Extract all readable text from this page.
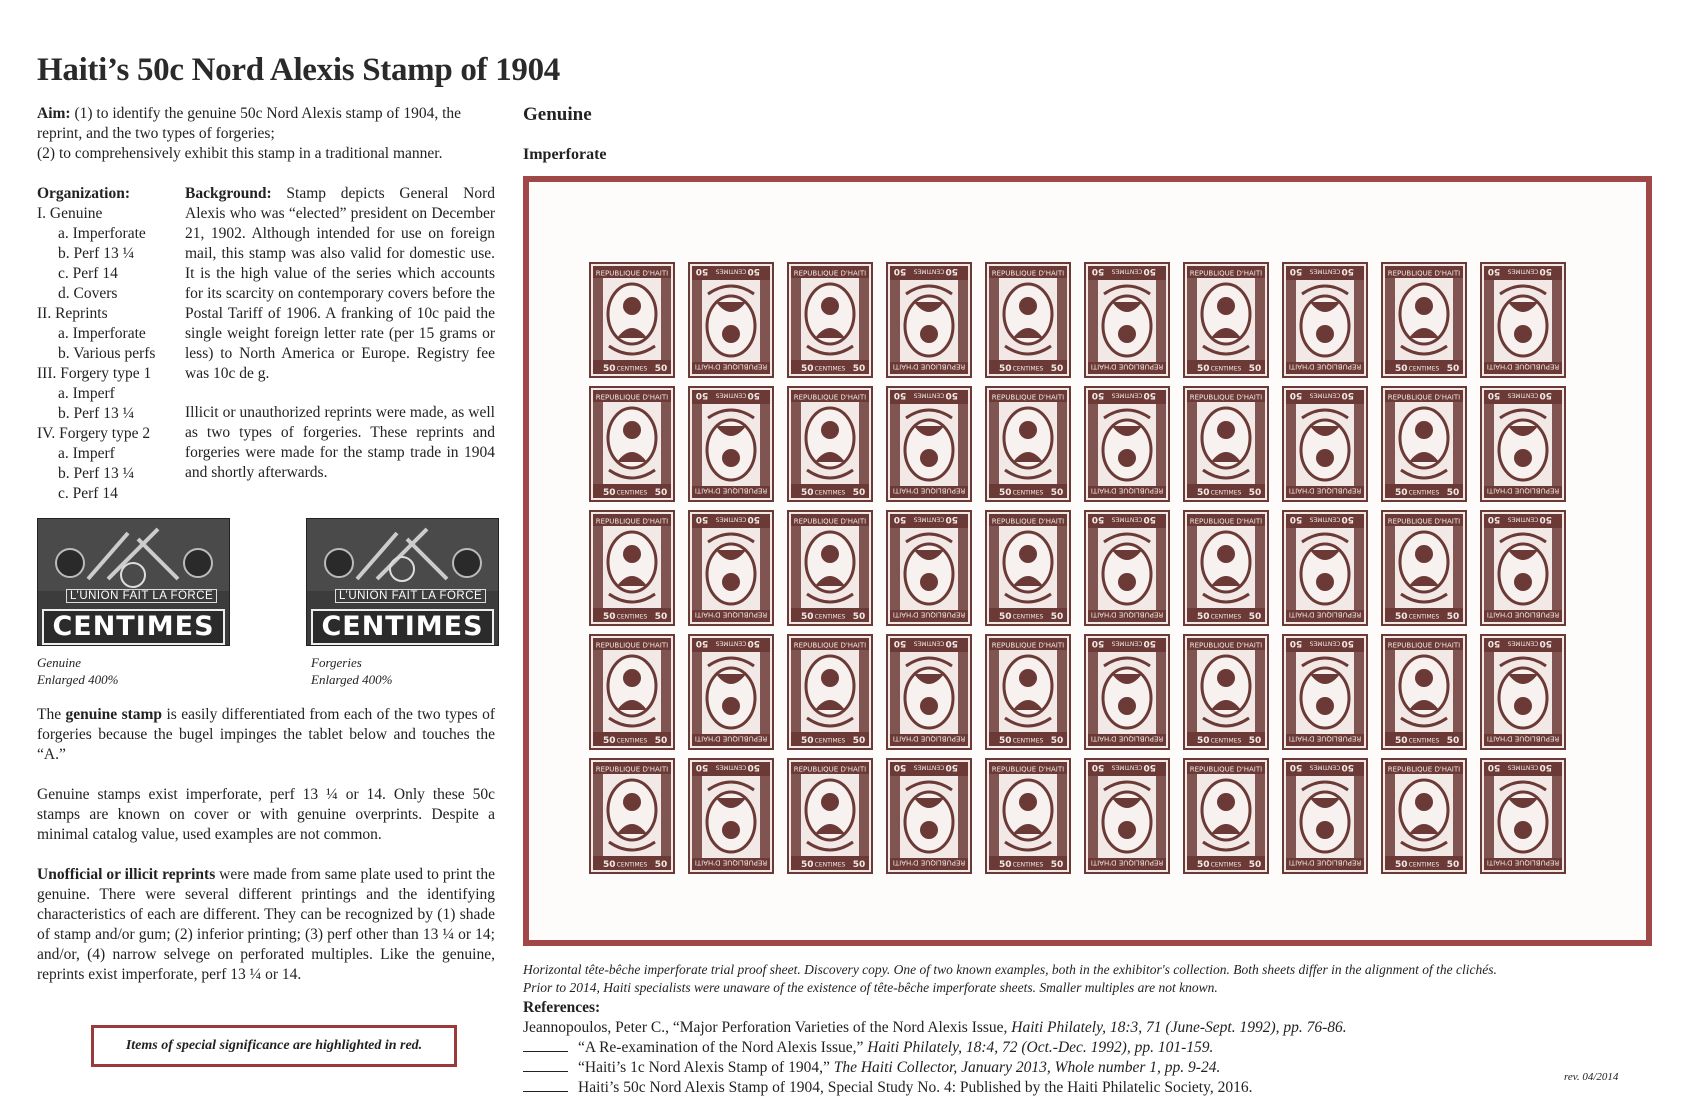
Haiti’s 50c Nord Alexis Stamp of 1904
Aim: (1) to identify the genuine 50c Nord Alexis stamp of 1904, the reprint, and the two types of forgeries;
(2) to comprehensively exhibit this stamp in a traditional manner.
Organization:
I. Genuine
a. Imperforate
b. Perf 13 ¼
c. Perf 14
d. Covers
II. Reprints
a. Imperforate
b. Various perfs
III. Forgery type 1
a. Imperf
b. Perf 13 ¼
IV. Forgery type 2
a. Imperf
b. Perf 13 ¼
c. Perf 14

Background: Stamp depicts General Nord Alexis who was “elected” president on December 21, 1902. Although intended for use on foreign mail, this stamp was also valid for domestic use. It is the high value of the series which accounts for its scarcity on contemporary covers before the Postal Tariff of 1906. A franking of 10c paid the single weight foreign letter rate (per 15 grams or less) to North America or Europe. Registry fee was 10c de g.

Illicit or unauthorized reprints were made, as well as two types of forgeries. These reprints and forgeries were made for the stamp trade in 1904 and shortly afterwards.

L’UNION FAIT LA FORCE
CENTIMES
L’UNION FAIT LA FORCE
CENTIMES
Genuine
Enlarged 400%
Forgeries
Enlarged 400%

The genuine stamp is easily differentiated from each of the two types of forgeries because the bugel impinges the tablet below and touches the “A.”

Genuine stamps exist imperforate, perf 13 ¼ or 14. Only these 50c stamps are known on cover or with genuine overprints. Despite a minimal catalog value, used examples are not common.

Unofficial or illicit reprints were made from same plate used to print the genuine. There were several different printings and the identifying characteristics of each are different. They can be recognized by (1) shade of stamp and/or gum; (2) inferior printing; (3) perf other than 13 ¼ or 14; and/or, (4) narrow selvege on perforated multiples. Like the genuine, reprints exist imperforate, perf 13 ¼ or 14.

Items of special significance are highlighted in red.
Genuine
Imperforate
REPUBLIQUE D'HAITI
50 CENTIMES 50	REPUBLIQUE D'HAITI
50
CENTIMES
50	REPUBLIQUE D'HAITI
50 CENTIMES 50	REPUBLIQUE D'HAITI
50
CENTIMES
50	REPUBLIQUE D'HAITI
50 CENTIMES 50	REPUBLIQUE D'HAITI
50
CENTIMES
50	REPUBLIQUE D'HAITI
50 CENTIMES 50	REPUBLIQUE D'HAITI
50
CENTIMES
50	REPUBLIQUE D'HAITI
50 CENTIMES 50	REPUBLIQUE D'HAITI
50
CENTIMES
50
REPUBLIQUE D'HAITI
50 CENTIMES 50	REPUBLIQUE D'HAITI
50
CENTIMES
50	REPUBLIQUE D'HAITI
50 CENTIMES 50	REPUBLIQUE D'HAITI
50
CENTIMES
50	REPUBLIQUE D'HAITI
50 CENTIMES 50	REPUBLIQUE D'HAITI
50
CENTIMES
50	REPUBLIQUE D'HAITI
50 CENTIMES 50	REPUBLIQUE D'HAITI
50
CENTIMES
50	REPUBLIQUE D'HAITI
50 CENTIMES 50	REPUBLIQUE D'HAITI
50
CENTIMES
50
REPUBLIQUE D'HAITI
50 CENTIMES 50	REPUBLIQUE D'HAITI
50
CENTIMES
50	REPUBLIQUE D'HAITI
50 CENTIMES 50	REPUBLIQUE D'HAITI
50
CENTIMES
50	REPUBLIQUE D'HAITI
50 CENTIMES 50	REPUBLIQUE D'HAITI
50
CENTIMES
50	REPUBLIQUE D'HAITI
50 CENTIMES 50	REPUBLIQUE D'HAITI
50
CENTIMES
50	REPUBLIQUE D'HAITI
50 CENTIMES 50	REPUBLIQUE D'HAITI
50
CENTIMES
50
REPUBLIQUE D'HAITI
50 CENTIMES 50	REPUBLIQUE D'HAITI
50
CENTIMES
50	REPUBLIQUE D'HAITI
50 CENTIMES 50	REPUBLIQUE D'HAITI
50
CENTIMES
50	REPUBLIQUE D'HAITI
50 CENTIMES 50	REPUBLIQUE D'HAITI
50
CENTIMES
50	REPUBLIQUE D'HAITI
50 CENTIMES 50	REPUBLIQUE D'HAITI
50
CENTIMES
50	REPUBLIQUE D'HAITI
50 CENTIMES 50	REPUBLIQUE D'HAITI
50
CENTIMES
50
REPUBLIQUE D'HAITI
50 CENTIMES 50	REPUBLIQUE D'HAITI
50
CENTIMES
50	REPUBLIQUE D'HAITI
50 CENTIMES 50	REPUBLIQUE D'HAITI
50
CENTIMES
50	REPUBLIQUE D'HAITI
50 CENTIMES 50	REPUBLIQUE D'HAITI
50
CENTIMES
50	REPUBLIQUE D'HAITI
50 CENTIMES 50	REPUBLIQUE D'HAITI
50
CENTIMES
50	REPUBLIQUE D'HAITI
50 CENTIMES 50	REPUBLIQUE D'HAITI
50
CENTIMES
50
Horizontal tête-bêche imperforate trial proof sheet. Discovery copy. One of two known examples, both in the exhibitor's collection. Both sheets differ in the alignment of the clichés. Prior to 2014, Haiti specialists were unaware of the existence of tête-bêche imperforate sheets. Smaller multiples are not known.
References:
Jeannopoulos, Peter C., “Major Perforation Varieties of the Nord Alexis Issue, Haiti Philately, 18:3, 71 (June-Sept. 1992), pp. 76-86.
“A Re-examination of the Nord Alexis Issue,” Haiti Philately, 18:4, 72 (Oct.-Dec. 1992), pp. 101-159.
“Haiti’s 1c Nord Alexis Stamp of 1904,” The Haiti Collector, January 2013, Whole number 1, pp. 9-24.
Haiti’s 50c Nord Alexis Stamp of 1904, Special Study No. 4: Published by the Haiti Philatelic Society, 2016.
rev. 04/2014
